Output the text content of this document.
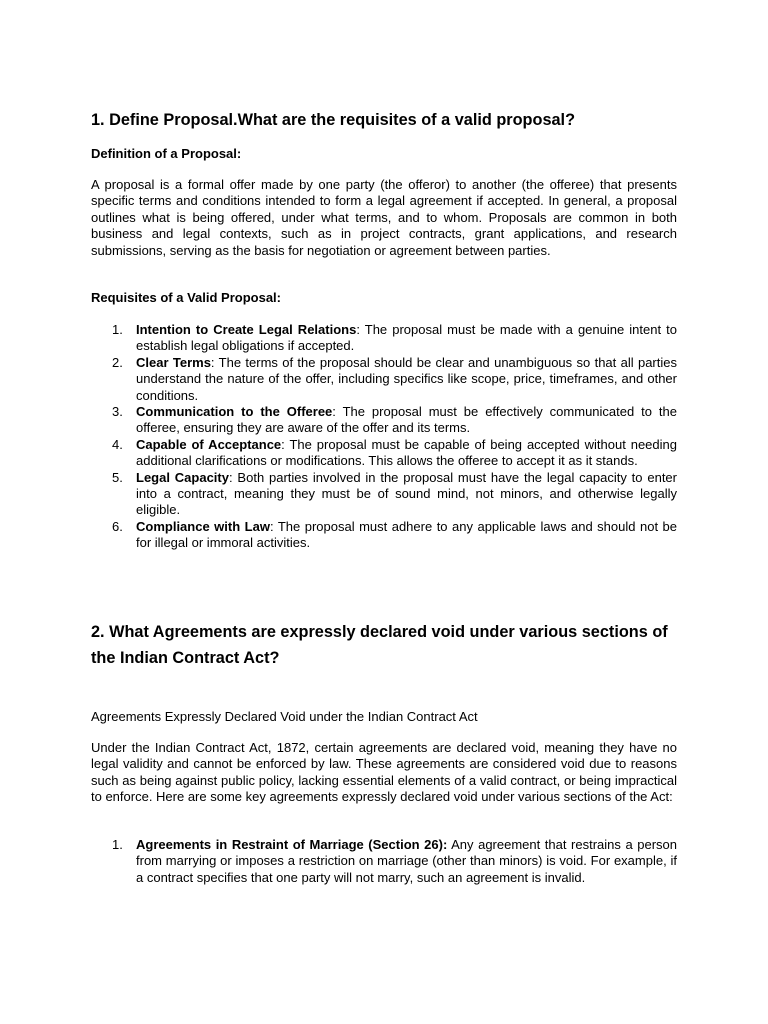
1. Define Proposal.What are the requisites of a valid proposal?

Definition of a Proposal:

A proposal is a formal offer made by one party (the offeror) to another (the offeree) that presents specific terms and conditions intended to form a legal agreement if accepted. In general, a proposal outlines what is being offered, under what terms, and to whom. Proposals are common in both business and legal contexts, such as in project contracts, grant applications, and research submissions, serving as the basis for negotiation or agreement between parties.

Requisites of a Valid Proposal:

1. Intention to Create Legal Relations: The proposal must be made with a genuine intent to establish legal obligations if accepted.
2. Clear Terms: The terms of the proposal should be clear and unambiguous so that all parties understand the nature of the offer, including specifics like scope, price, timeframes, and other conditions.
3. Communication to the Offeree: The proposal must be effectively communicated to the offeree, ensuring they are aware of the offer and its terms.
4. Capable of Acceptance: The proposal must be capable of being accepted without needing additional clarifications or modifications. This allows the offeree to accept it as it stands.
5. Legal Capacity: Both parties involved in the proposal must have the legal capacity to enter into a contract, meaning they must be of sound mind, not minors, and otherwise legally eligible.
6. Compliance with Law: The proposal must adhere to any applicable laws and should not be for illegal or immoral activities.
2. What Agreements are expressly declared void under various sections of the Indian Contract Act?

Agreements Expressly Declared Void under the Indian Contract Act

Under the Indian Contract Act, 1872, certain agreements are declared void, meaning they have no legal validity and cannot be enforced by law. These agreements are considered void due to reasons such as being against public policy, lacking essential elements of a valid contract, or being impractical to enforce. Here are some key agreements expressly declared void under various sections of the Act:

1. Agreements in Restraint of Marriage (Section 26): Any agreement that restrains a person from marrying or imposes a restriction on marriage (other than minors) is void. For example, if a contract specifies that one party will not marry, such an agreement is invalid.
